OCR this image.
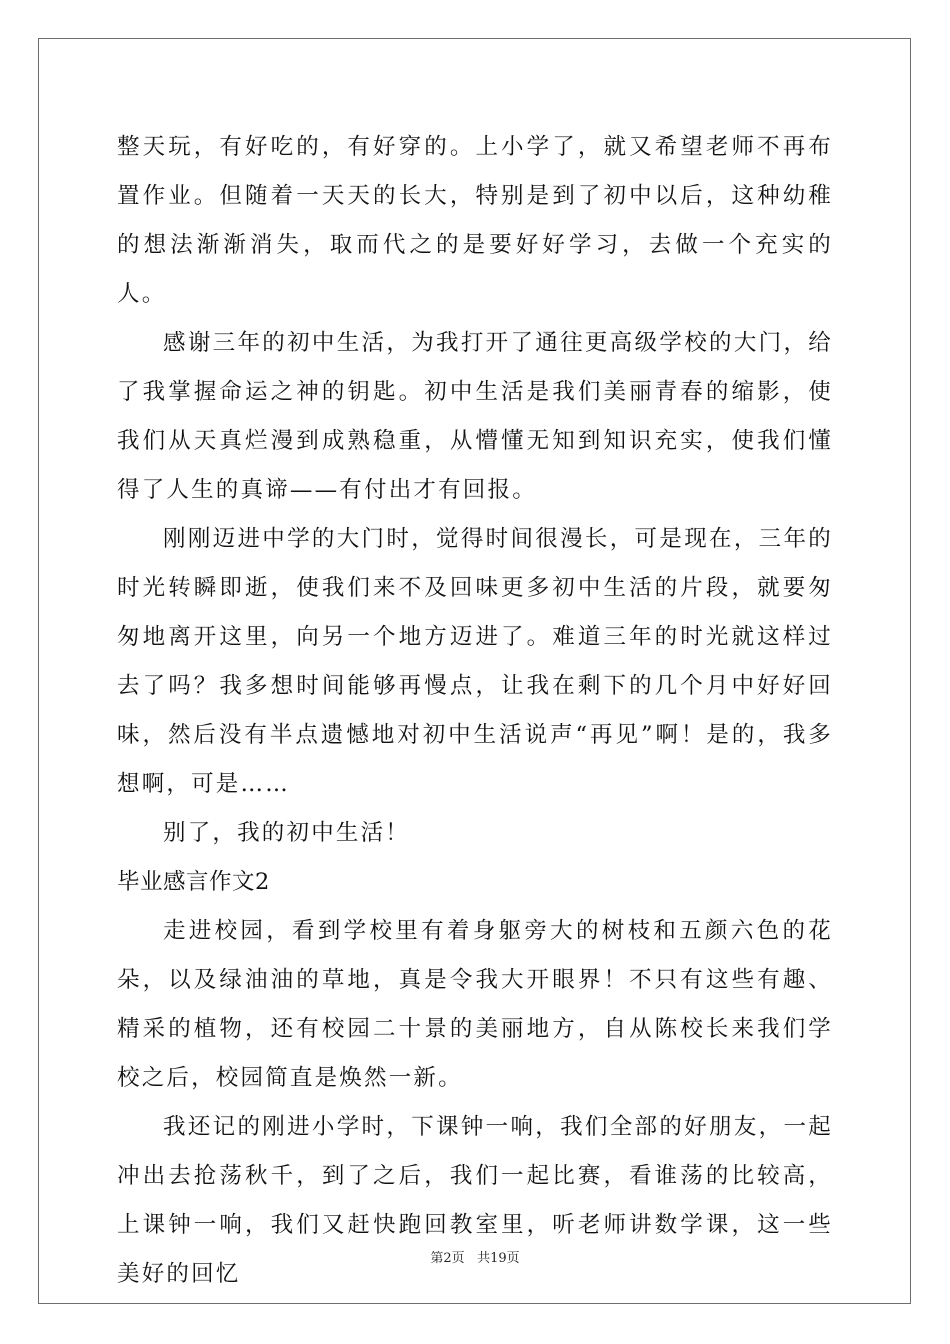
整天玩，有好吃的，有好穿的。上小学了，就又希望老师不再布置作业。但随着一天天的长大，特别是到了初中以后，这种幼稚的想法渐渐消失，取而代之的是要好好学习，去做一个充实的人。

感谢三年的初中生活，为我打开了通往更高级学校的大门，给了我掌握命运之神的钥匙。初中生活是我们美丽青春的缩影，使我们从天真烂漫到成熟稳重，从懵懂无知到知识充实，使我们懂得了人生的真谛——有付出才有回报。

刚刚迈进中学的大门时，觉得时间很漫长，可是现在，三年的时光转瞬即逝，使我们来不及回味更多初中生活的片段，就要匆匆地离开这里，向另一个地方迈进了。难道三年的时光就这样过去了吗？我多想时间能够再慢点，让我在剩下的几个月中好好回味，然后没有半点遗憾地对初中生活说声“再见”啊！是的，我多想啊，可是……

别了，我的初中生活！

毕业感言作文2

走进校园，看到学校里有着身躯旁大的树枝和五颜六色的花朵，以及绿油油的草地，真是令我大开眼界！不只有这些有趣、精采的植物，还有校园二十景的美丽地方，自从陈校长来我们学校之后，校园简直是焕然一新。

我还记的刚进小学时，下课钟一响，我们全部的好朋友，一起冲出去抢荡秋千，到了之后，我们一起比赛，看谁荡的比较高，上课钟一响，我们又赶快跑回教室里，听老师讲数学课，这一些美好的回忆

第2页 共19页
